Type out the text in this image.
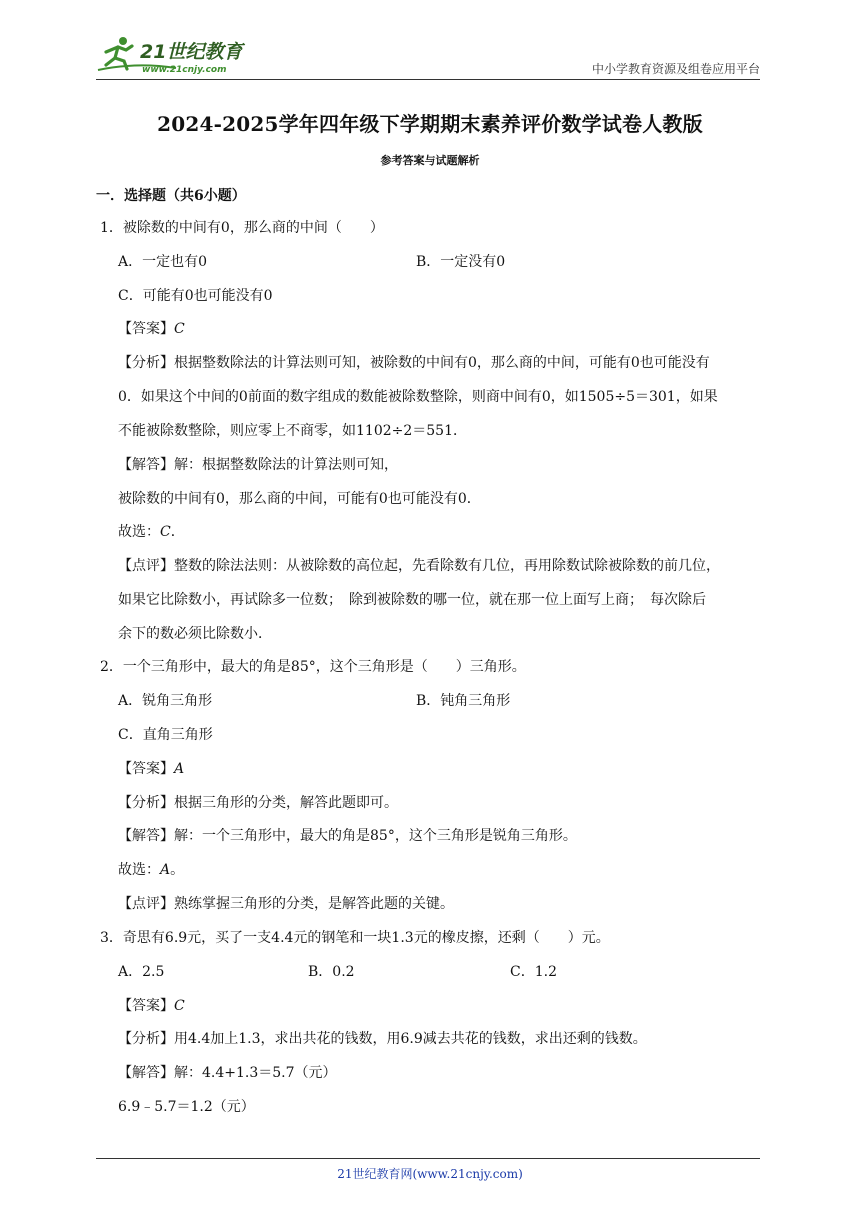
21世纪教育
www.21cnjy.com	中小学教育资源及组卷应用平台
2024-2025学年四年级下学期期末素养评价数学试卷人教版
参考答案与试题解析
一．选择题（共6小题）
1．被除数的中间有0，那么商的中间（　　）
A．一定也有0	B．一定没有0
C．可能有0也可能没有0
【答案】C
【分析】根据整数除法的计算法则可知，被除数的中间有0，那么商的中间，可能有0也可能没有
0．如果这个中间的0前面的数字组成的数能被除数整除，则商中间有0，如1505÷5＝301，如果
不能被除数整除，则应零上不商零，如1102÷2＝551．
【解答】解：根据整数除法的计算法则可知，
被除数的中间有0，那么商的中间，可能有0也可能没有0．
故选：C．
【点评】整数的除法法则：从被除数的高位起，先看除数有几位，再用除数试除被除数的前几位，
如果它比除数小，再试除多一位数；　除到被除数的哪一位，就在那一位上面写上商；　每次除后
余下的数必须比除数小．
2．一个三角形中，最大的角是85°，这个三角形是（　　）三角形。
A．锐角三角形	B．钝角三角形
C．直角三角形
【答案】A
【分析】根据三角形的分类，解答此题即可。
【解答】解：一个三角形中，最大的角是85°，这个三角形是锐角三角形。
故选：A。
【点评】熟练掌握三角形的分类，是解答此题的关键。
3．奇思有6.9元，买了一支4.4元的钢笔和一块1.3元的橡皮擦，还剩（　　）元。
A．2.5	B．0.2	C．1.2
【答案】C
【分析】用4.4加上1.3，求出共花的钱数，用6.9减去共花的钱数，求出还剩的钱数。
【解答】解：4.4+1.3＝5.7（元）
6.9﹣5.7＝1.2（元）
21世纪教育网(www.21cnjy.com)
